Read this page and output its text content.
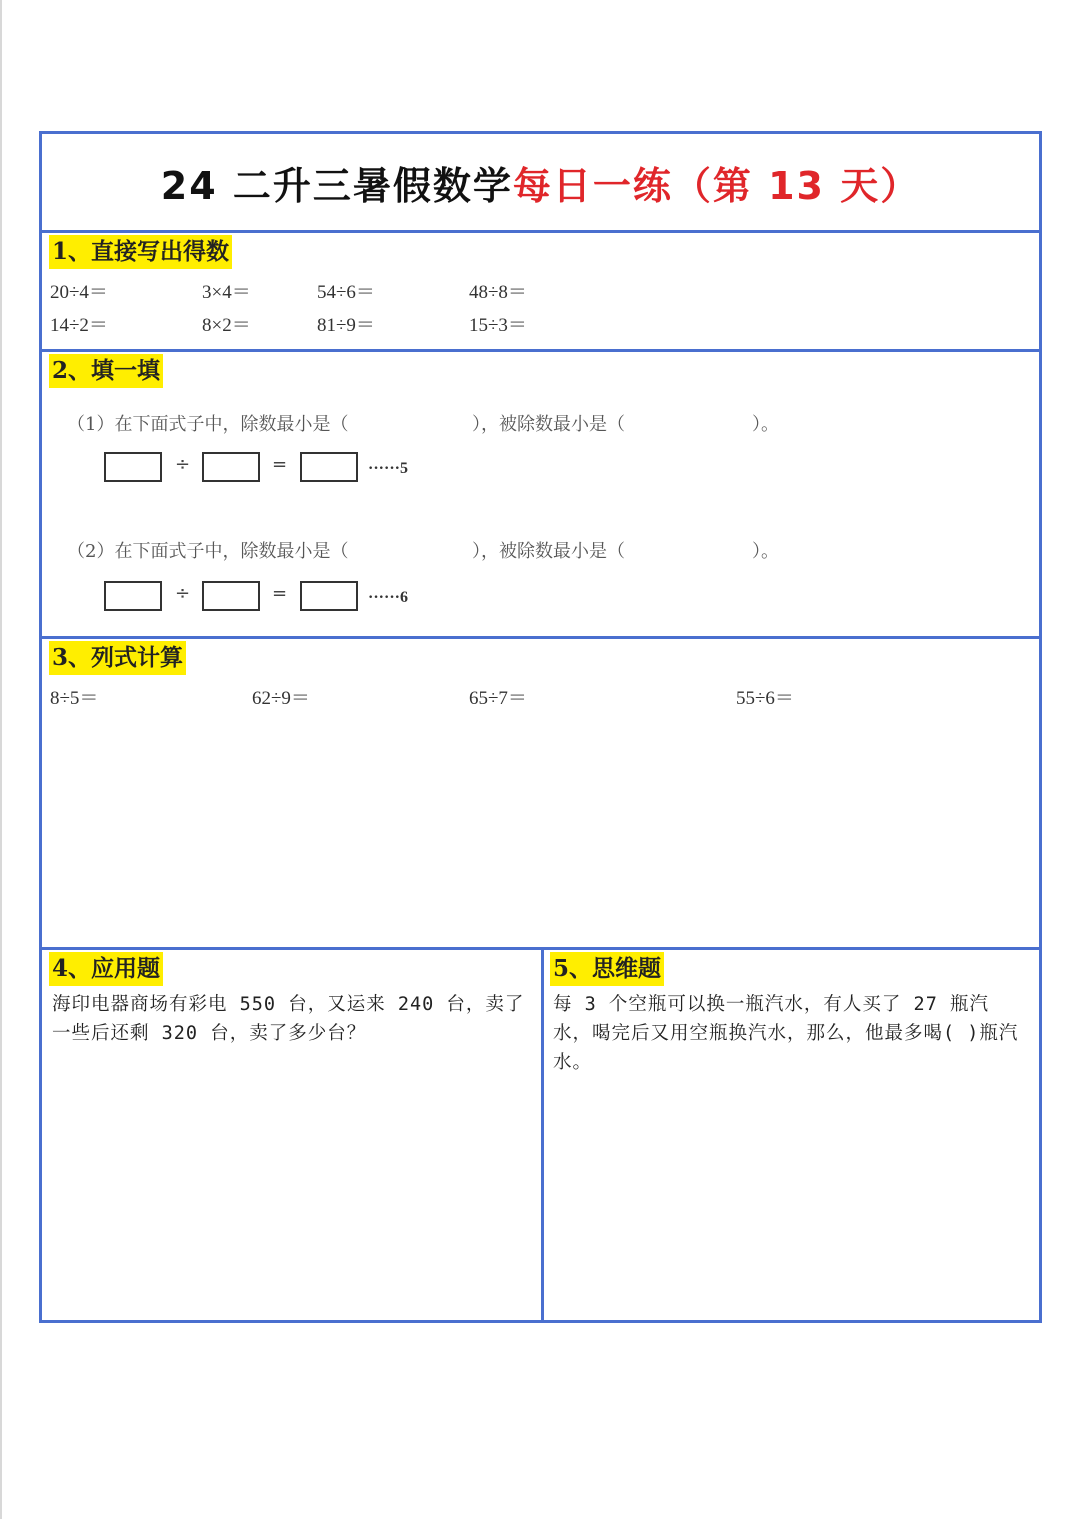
24 二升三暑假数学 每日一练（第 13 天）
1、直接写出得数
20÷4＝	3×4＝	54÷6＝	48÷8＝
14÷2＝	8×2＝	81÷9＝	15÷3＝
2、填一填
（1）在下面式子中，除数最小是（	），被除数最小是（	）。
÷	=	······5
（2）在下面式子中，除数最小是（	），被除数最小是（	）。
÷	=	······6
3、列式计算
8÷5＝	62÷9＝	65÷7＝	55÷6＝
4、应用题
海印电器商场有彩电 550 台，又运来 240 台，卖了一些后还剩 320 台，卖了多少台？
5、思维题
每 3 个空瓶可以换一瓶汽水，有人买了 27 瓶汽水，喝完后又用空瓶换汽水，那么，他最多喝( )瓶汽水。
